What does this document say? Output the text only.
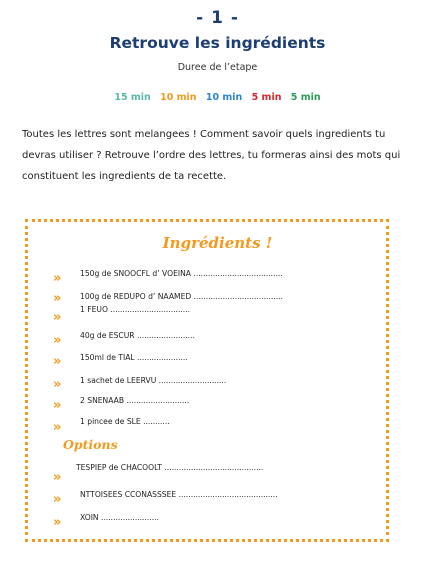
- 1 -
Retrouve les ingrédients
Duree de l’etape
15 min 10 min 10 min 5 min 5 min
Toutes les lettres sont melangees ! Comment savoir quels ingredients tu devras utiliser ? Retrouve l’ordre des lettres, tu formeras ainsi des mots qui constituent les ingredients de ta recette.
Ingrédients !
»
»
»
»
»
»
»
»
»
»
»
150g de SNOOCFL d’ VOEINA .....................................
100g de REDUPO d’ NAAMED .....................................
1 FEUO .................................
40g de ESCUR ........................
150ml de TIAL .....................
1 sachet de LEERVU ............................
2 SNENAAB ..........................
1 pincee de SLE ...........
Options
TESPIEP de CHACOOLT .........................................
NTTOISEES CCONASSSEE .........................................
XOIN ........................
